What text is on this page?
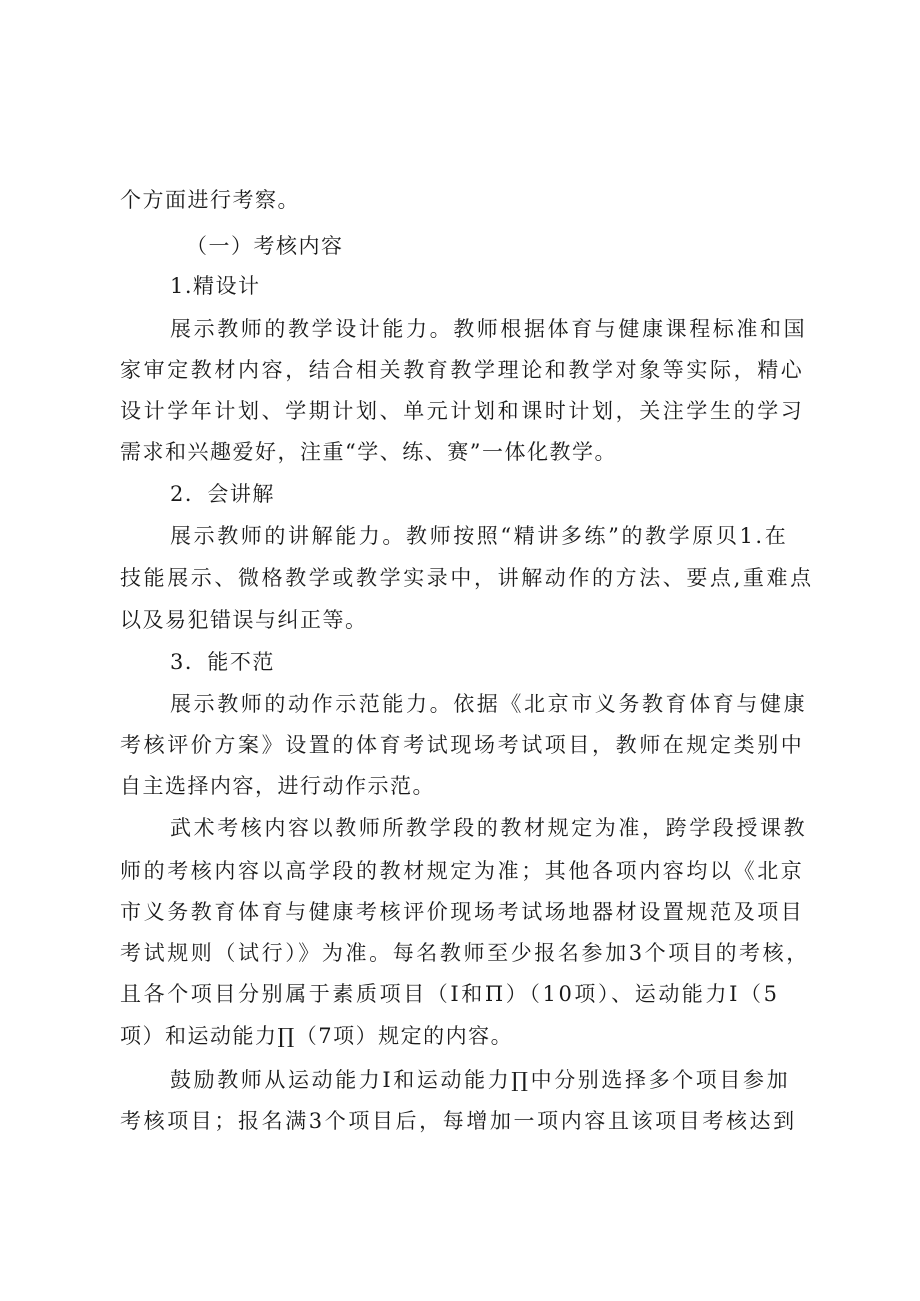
个方面进行考察。
（一）考核内容
1.精设计
展示教师的教学设计能力。教师根据体育与健康课程标准和国
家审定教材内容，结合相关教育教学理论和教学对象等实际，精心
设计学年计划、学期计划、单元计划和课时计划，关注学生的学习
需求和兴趣爱好，注重“学、练、赛”一体化教学。
2．会讲解
展示教师的讲解能力。教师按照“精讲多练”的教学原贝1.在
技能展示、微格教学或教学实录中，讲解动作的方法、要点,重难点
以及易犯错误与纠正等。
3．能不范
展示教师的动作示范能力。依据《北京市义务教育体育与健康
考核评价方案》设置的体育考试现场考试项目，教师在规定类别中
自主选择内容，进行动作示范。
武术考核内容以教师所教学段的教材规定为准，跨学段授课教
师的考核内容以高学段的教材规定为准；其他各项内容均以《北京
市义务教育体育与健康考核评价现场考试场地器材设置规范及项目
考试规则（试行）》为准。每名教师至少报名参加3个项目的考核，
且各个项目分别属于素质项目（I和Π）（10项）、运动能力I（5
项）和运动能力∏（7项）规定的内容。
鼓励教师从运动能力I和运动能力∏中分别选择多个项目参加
考核项目；报名满3个项目后，每增加一项内容且该项目考核达到
